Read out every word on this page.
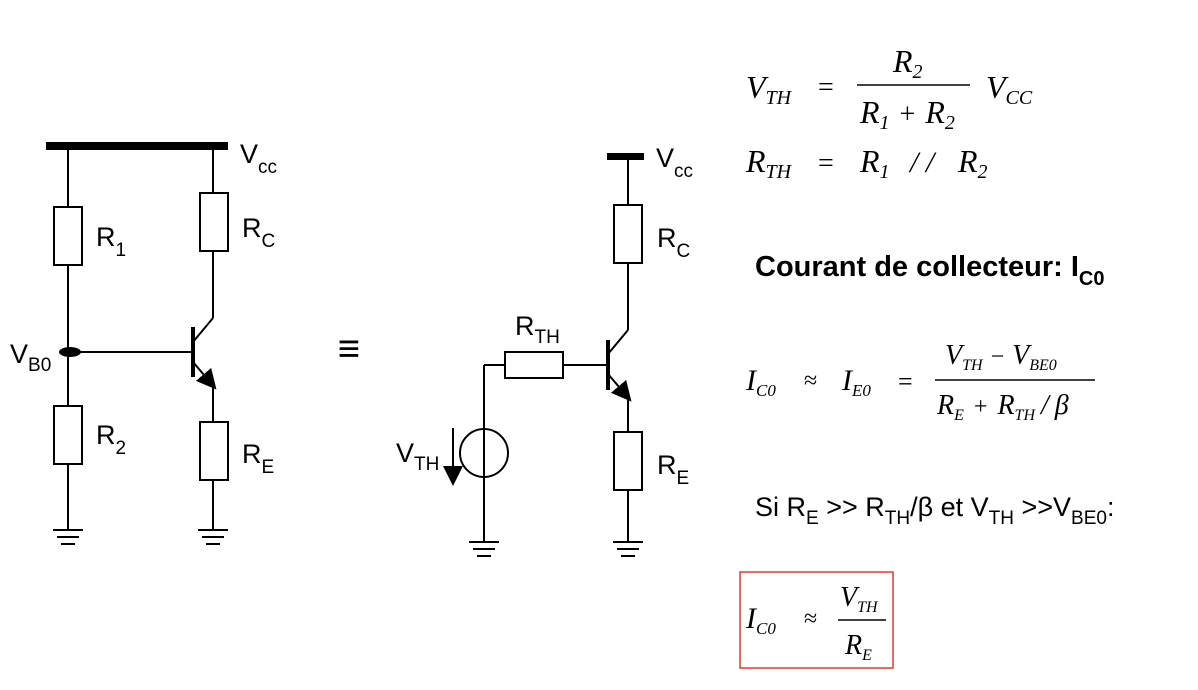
$V_{cc}$
$R_1$
$V_{B0}$
$R_2$
$R_C$
$R_E$
≡
$V_{cc}$
$R_C$
$R_E$
$R_{TH}$
$V_{TH}$
VTH =
R2
R1 + R2
VCC
RTH = R1 / / R2
Courant de collecteur: $I_{C0}$
$I_{C0} \approx I_{E0}$ =
$V_{TH} - V_{BE0}$
$R_E + R_{TH} / \beta$
Si $R_E >> R_{TH}/\beta$ et $V_{TH} >>V_{BE0}$:
$I_{C0}$ ≈
$V_{TH}$
$R_E$
